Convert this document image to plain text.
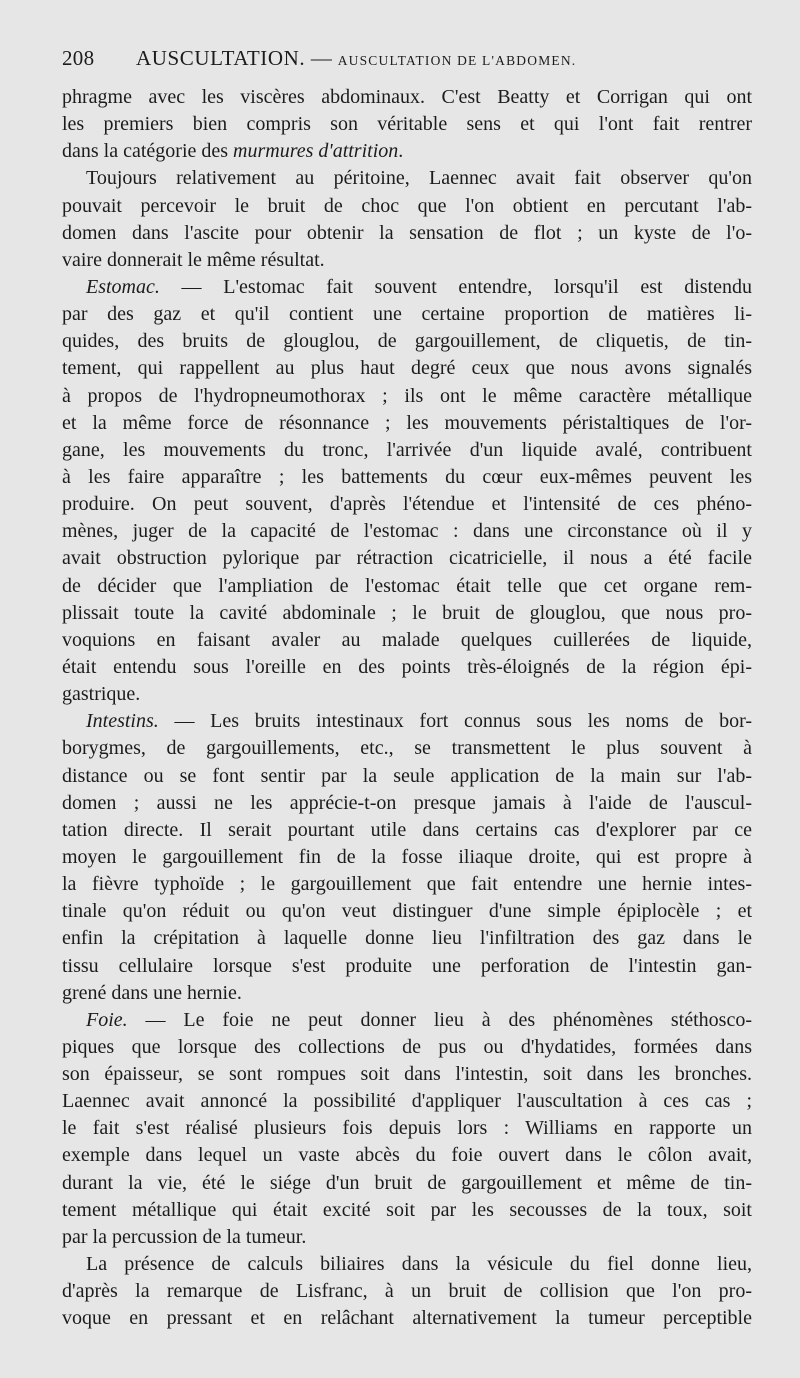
208 AUSCULTATION. — AUSCULTATION DE L'ABDOMEN.
phragme avec les viscères abdominaux. C'est Beatty et Corrigan qui ont
les premiers bien compris son véritable sens et qui l'ont fait rentrer
dans la catégorie des murmures d'attrition.
Toujours relativement au péritoine, Laennec avait fait observer qu'on
pouvait percevoir le bruit de choc que l'on obtient en percutant l'ab-
domen dans l'ascite pour obtenir la sensation de flot ; un kyste de l'o-
vaire donnerait le même résultat.
Estomac. — L'estomac fait souvent entendre, lorsqu'il est distendu
par des gaz et qu'il contient une certaine proportion de matières li-
quides, des bruits de glouglou, de gargouillement, de cliquetis, de tin-
tement, qui rappellent au plus haut degré ceux que nous avons signalés
à propos de l'hydropneumothorax ; ils ont le même caractère métallique
et la même force de résonnance ; les mouvements péristaltiques de l'or-
gane, les mouvements du tronc, l'arrivée d'un liquide avalé, contribuent
à les faire apparaître ; les battements du cœur eux-mêmes peuvent les
produire. On peut souvent, d'après l'étendue et l'intensité de ces phéno-
mènes, juger de la capacité de l'estomac : dans une circonstance où il y
avait obstruction pylorique par rétraction cicatricielle, il nous a été facile
de décider que l'ampliation de l'estomac était telle que cet organe rem-
plissait toute la cavité abdominale ; le bruit de glouglou, que nous pro-
voquions en faisant avaler au malade quelques cuillerées de liquide,
était entendu sous l'oreille en des points très-éloignés de la région épi-
gastrique.
Intestins. — Les bruits intestinaux fort connus sous les noms de bor-
borygmes, de gargouillements, etc., se transmettent le plus souvent à
distance ou se font sentir par la seule application de la main sur l'ab-
domen ; aussi ne les apprécie-t-on presque jamais à l'aide de l'auscul-
tation directe. Il serait pourtant utile dans certains cas d'explorer par ce
moyen le gargouillement fin de la fosse iliaque droite, qui est propre à
la fièvre typhoïde ; le gargouillement que fait entendre une hernie intes-
tinale qu'on réduit ou qu'on veut distinguer d'une simple épiplocèle ; et
enfin la crépitation à laquelle donne lieu l'infiltration des gaz dans le
tissu cellulaire lorsque s'est produite une perforation de l'intestin gan-
grené dans une hernie.
Foie. — Le foie ne peut donner lieu à des phénomènes stéthosco-
piques que lorsque des collections de pus ou d'hydatides, formées dans
son épaisseur, se sont rompues soit dans l'intestin, soit dans les bronches.
Laennec avait annoncé la possibilité d'appliquer l'auscultation à ces cas ;
le fait s'est réalisé plusieurs fois depuis lors : Williams en rapporte un
exemple dans lequel un vaste abcès du foie ouvert dans le côlon avait,
durant la vie, été le siége d'un bruit de gargouillement et même de tin-
tement métallique qui était excité soit par les secousses de la toux, soit
par la percussion de la tumeur.
La présence de calculs biliaires dans la vésicule du fiel donne lieu,
d'après la remarque de Lisfranc, à un bruit de collision que l'on pro-
voque en pressant et en relâchant alternativement la tumeur perceptible
